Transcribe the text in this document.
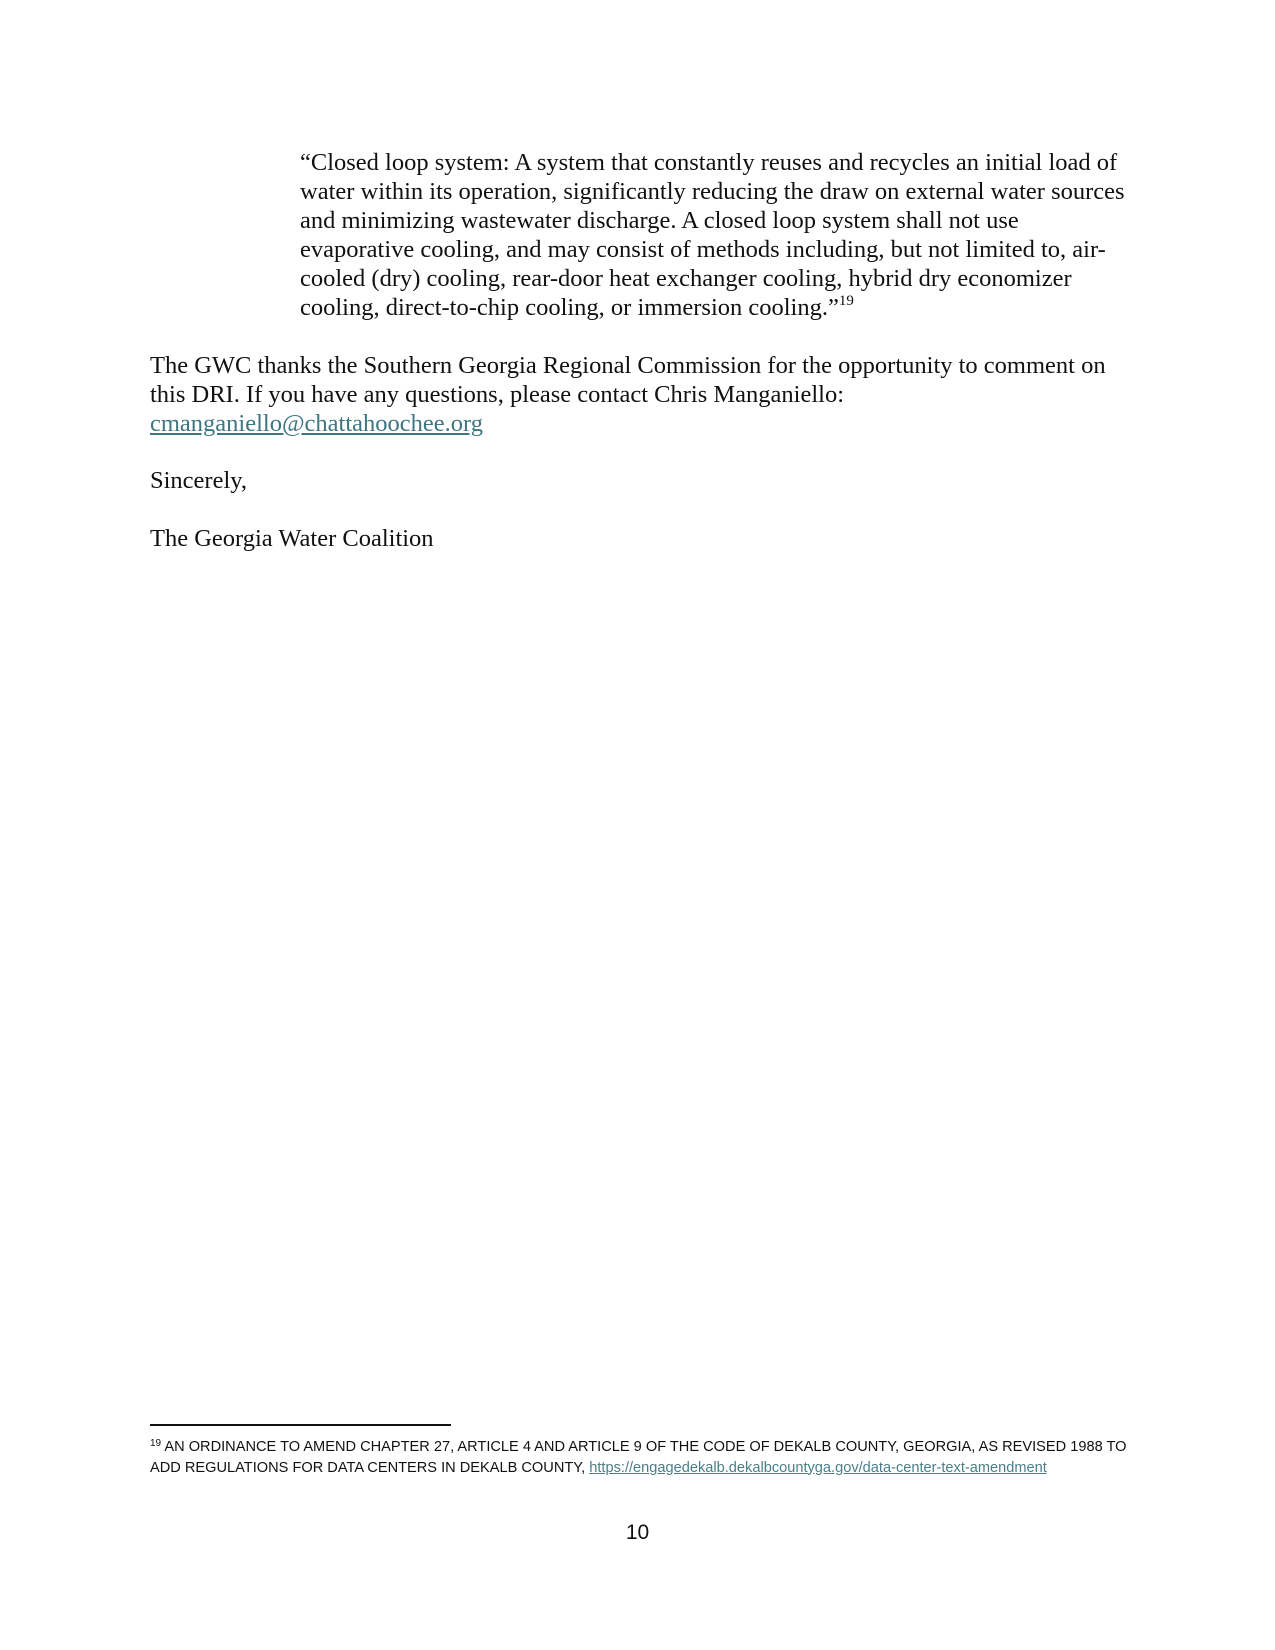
“Closed loop system: A system that constantly reuses and recycles an initial load of water within its operation, significantly reducing the draw on external water sources and minimizing wastewater discharge. A closed loop system shall not use evaporative cooling, and may consist of methods including, but not limited to, air-cooled (dry) cooling, rear-door heat exchanger cooling, hybrid dry economizer cooling, direct-to-chip cooling, or immersion cooling.”$^{19}$

The GWC thanks the Southern Georgia Regional Commission for the opportunity to comment on this DRI. If you have any questions, please contact Chris Manganiello: cmanganiello@chattahoochee.org

Sincerely,

The Georgia Water Coalition

$^{19}$ AN ORDINANCE TO AMEND CHAPTER 27, ARTICLE 4 AND ARTICLE 9 OF THE CODE OF DEKALB COUNTY, GEORGIA, AS REVISED 1988 TO ADD REGULATIONS FOR DATA CENTERS IN DEKALB COUNTY, https://engagedekalb.dekalbcountyga.gov/data-center-text-amendment

10
